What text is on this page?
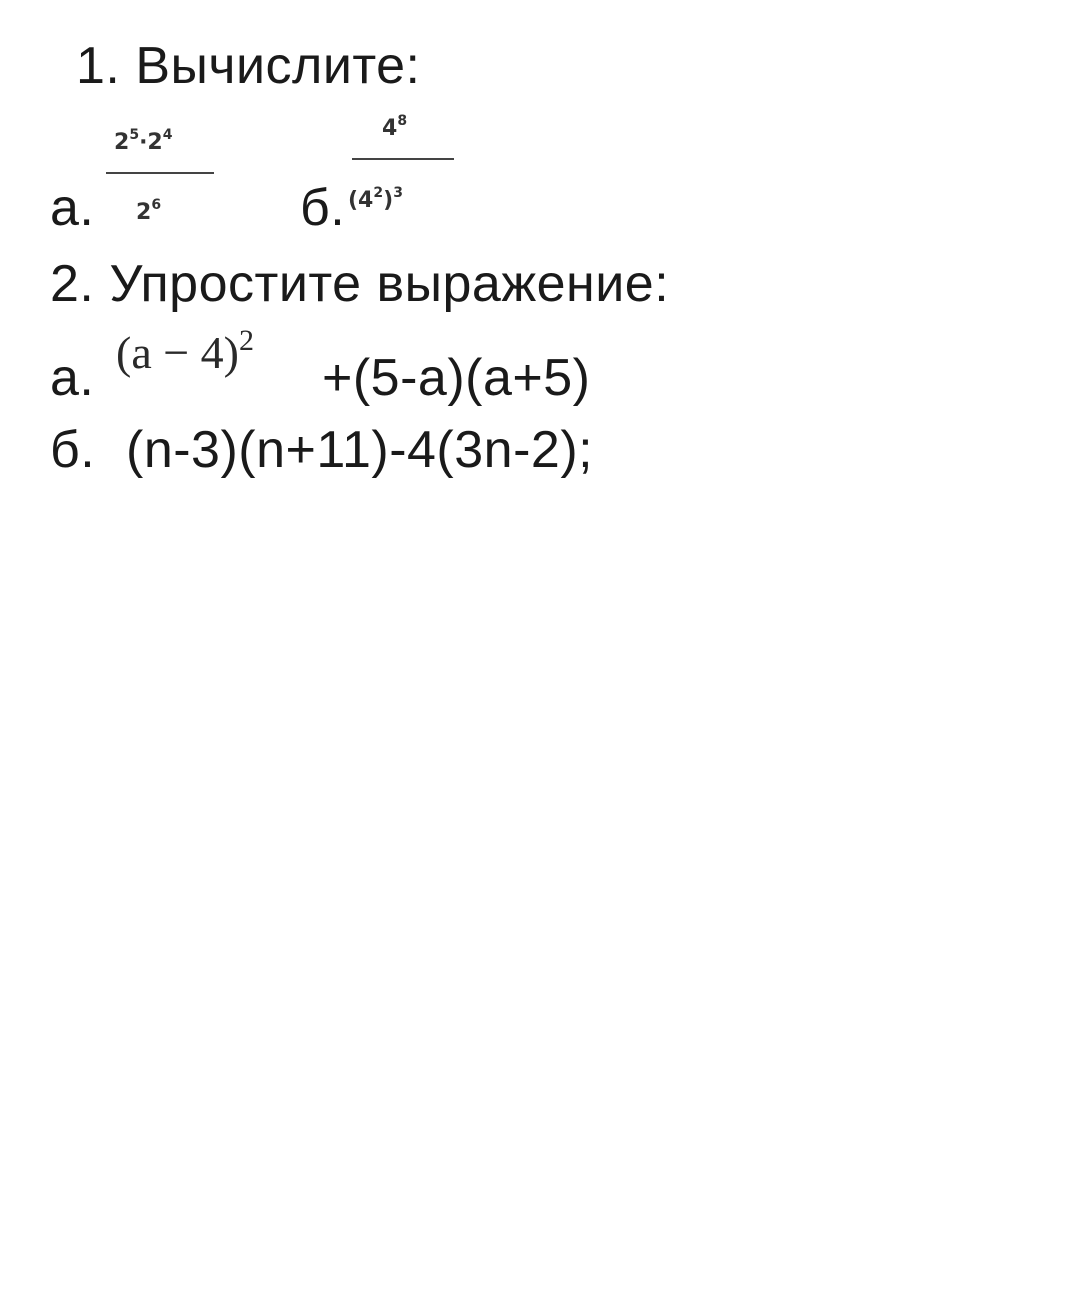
1. Вычислите:
$2^5\cdot 2^4$
$2^6$
а.	б.
$4^8$
$(4^2)^3$
2. Упростите выражение:
а. $(a - 4)^2$
+(5-а)(а+5)
б. (n-3)(n+11)-4(3n-2);
